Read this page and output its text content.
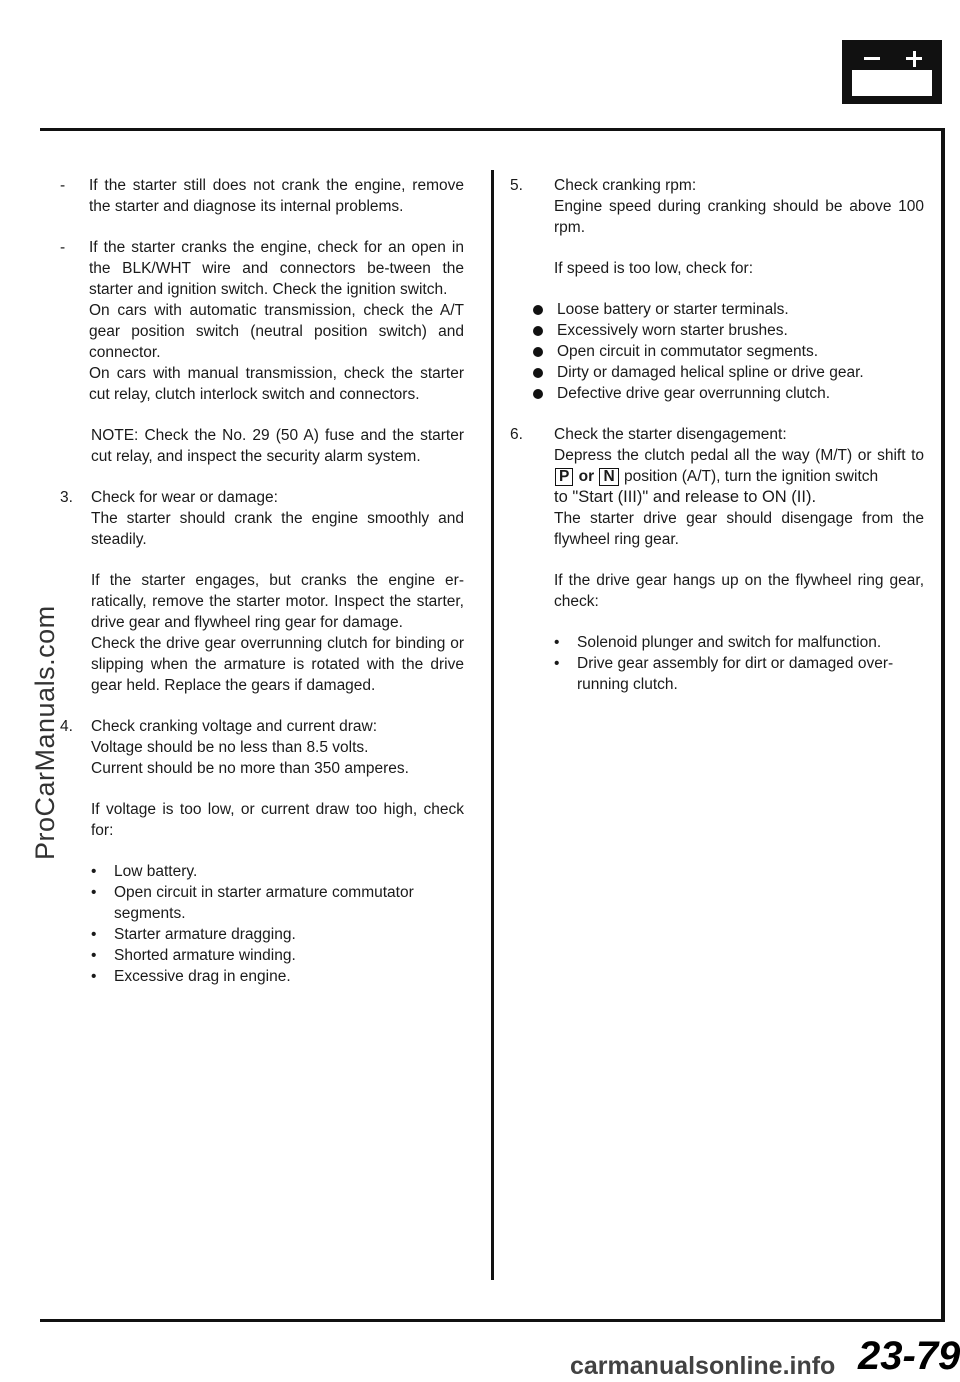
-	If the starter still does not crank the engine, remove the starter and diagnose its internal problems.

-	If the starter cranks the engine, check for an open in the BLK/WHT wire and connectors be-tween the starter and ignition switch. Check the ignition switch.

On cars with automatic transmission, check the A/T gear position switch (neutral position switch) and connector.

On cars with manual transmission, check the starter cut relay, clutch interlock switch and connectors.

NOTE: Check the No. 29 (50 A) fuse and the starter cut relay, and inspect the security alarm system.

3.	Check for wear or damage:

The starter should crank the engine smoothly and steadily.

If the starter engages, but cranks the engine er-ratically, remove the starter motor. Inspect the starter, drive gear and flywheel ring gear for damage.

Check the drive gear overrunning clutch for binding or slipping when the armature is rotated with the drive gear held. Replace the gears if damaged.

4.	Check cranking voltage and current draw:

Voltage should be no less than 8.5 volts.

Current should be no more than 350 amperes.

If voltage is too low, or current draw too high, check for:

•	Low battery.
•	Open circuit in starter armature commutator segments.
•	Starter armature dragging.
•	Shorted armature winding.
•	Excessive drag in engine.
5.	Check cranking rpm:

Engine speed during cranking should be above 100 rpm.

If speed is too low, check for:

Loose battery or starter terminals.
Excessively worn starter brushes.
Open circuit in commutator segments.
Dirty or damaged helical spline or drive gear.
Defective drive gear overrunning clutch.
6.	Check the starter disengagement:

Depress the clutch pedal all the way (M/T) or shift to P or N position (A/T), turn the ignition switch

to "Start (III)" and release to ON (II).

The starter drive gear should disengage from the flywheel ring gear.

If the drive gear hangs up on the flywheel ring gear, check:

•	Solenoid plunger and switch for malfunction.
•	Drive gear assembly for dirt or damaged over-running clutch.
ProCarManuals.com
carmanualsonline.info 23-79
